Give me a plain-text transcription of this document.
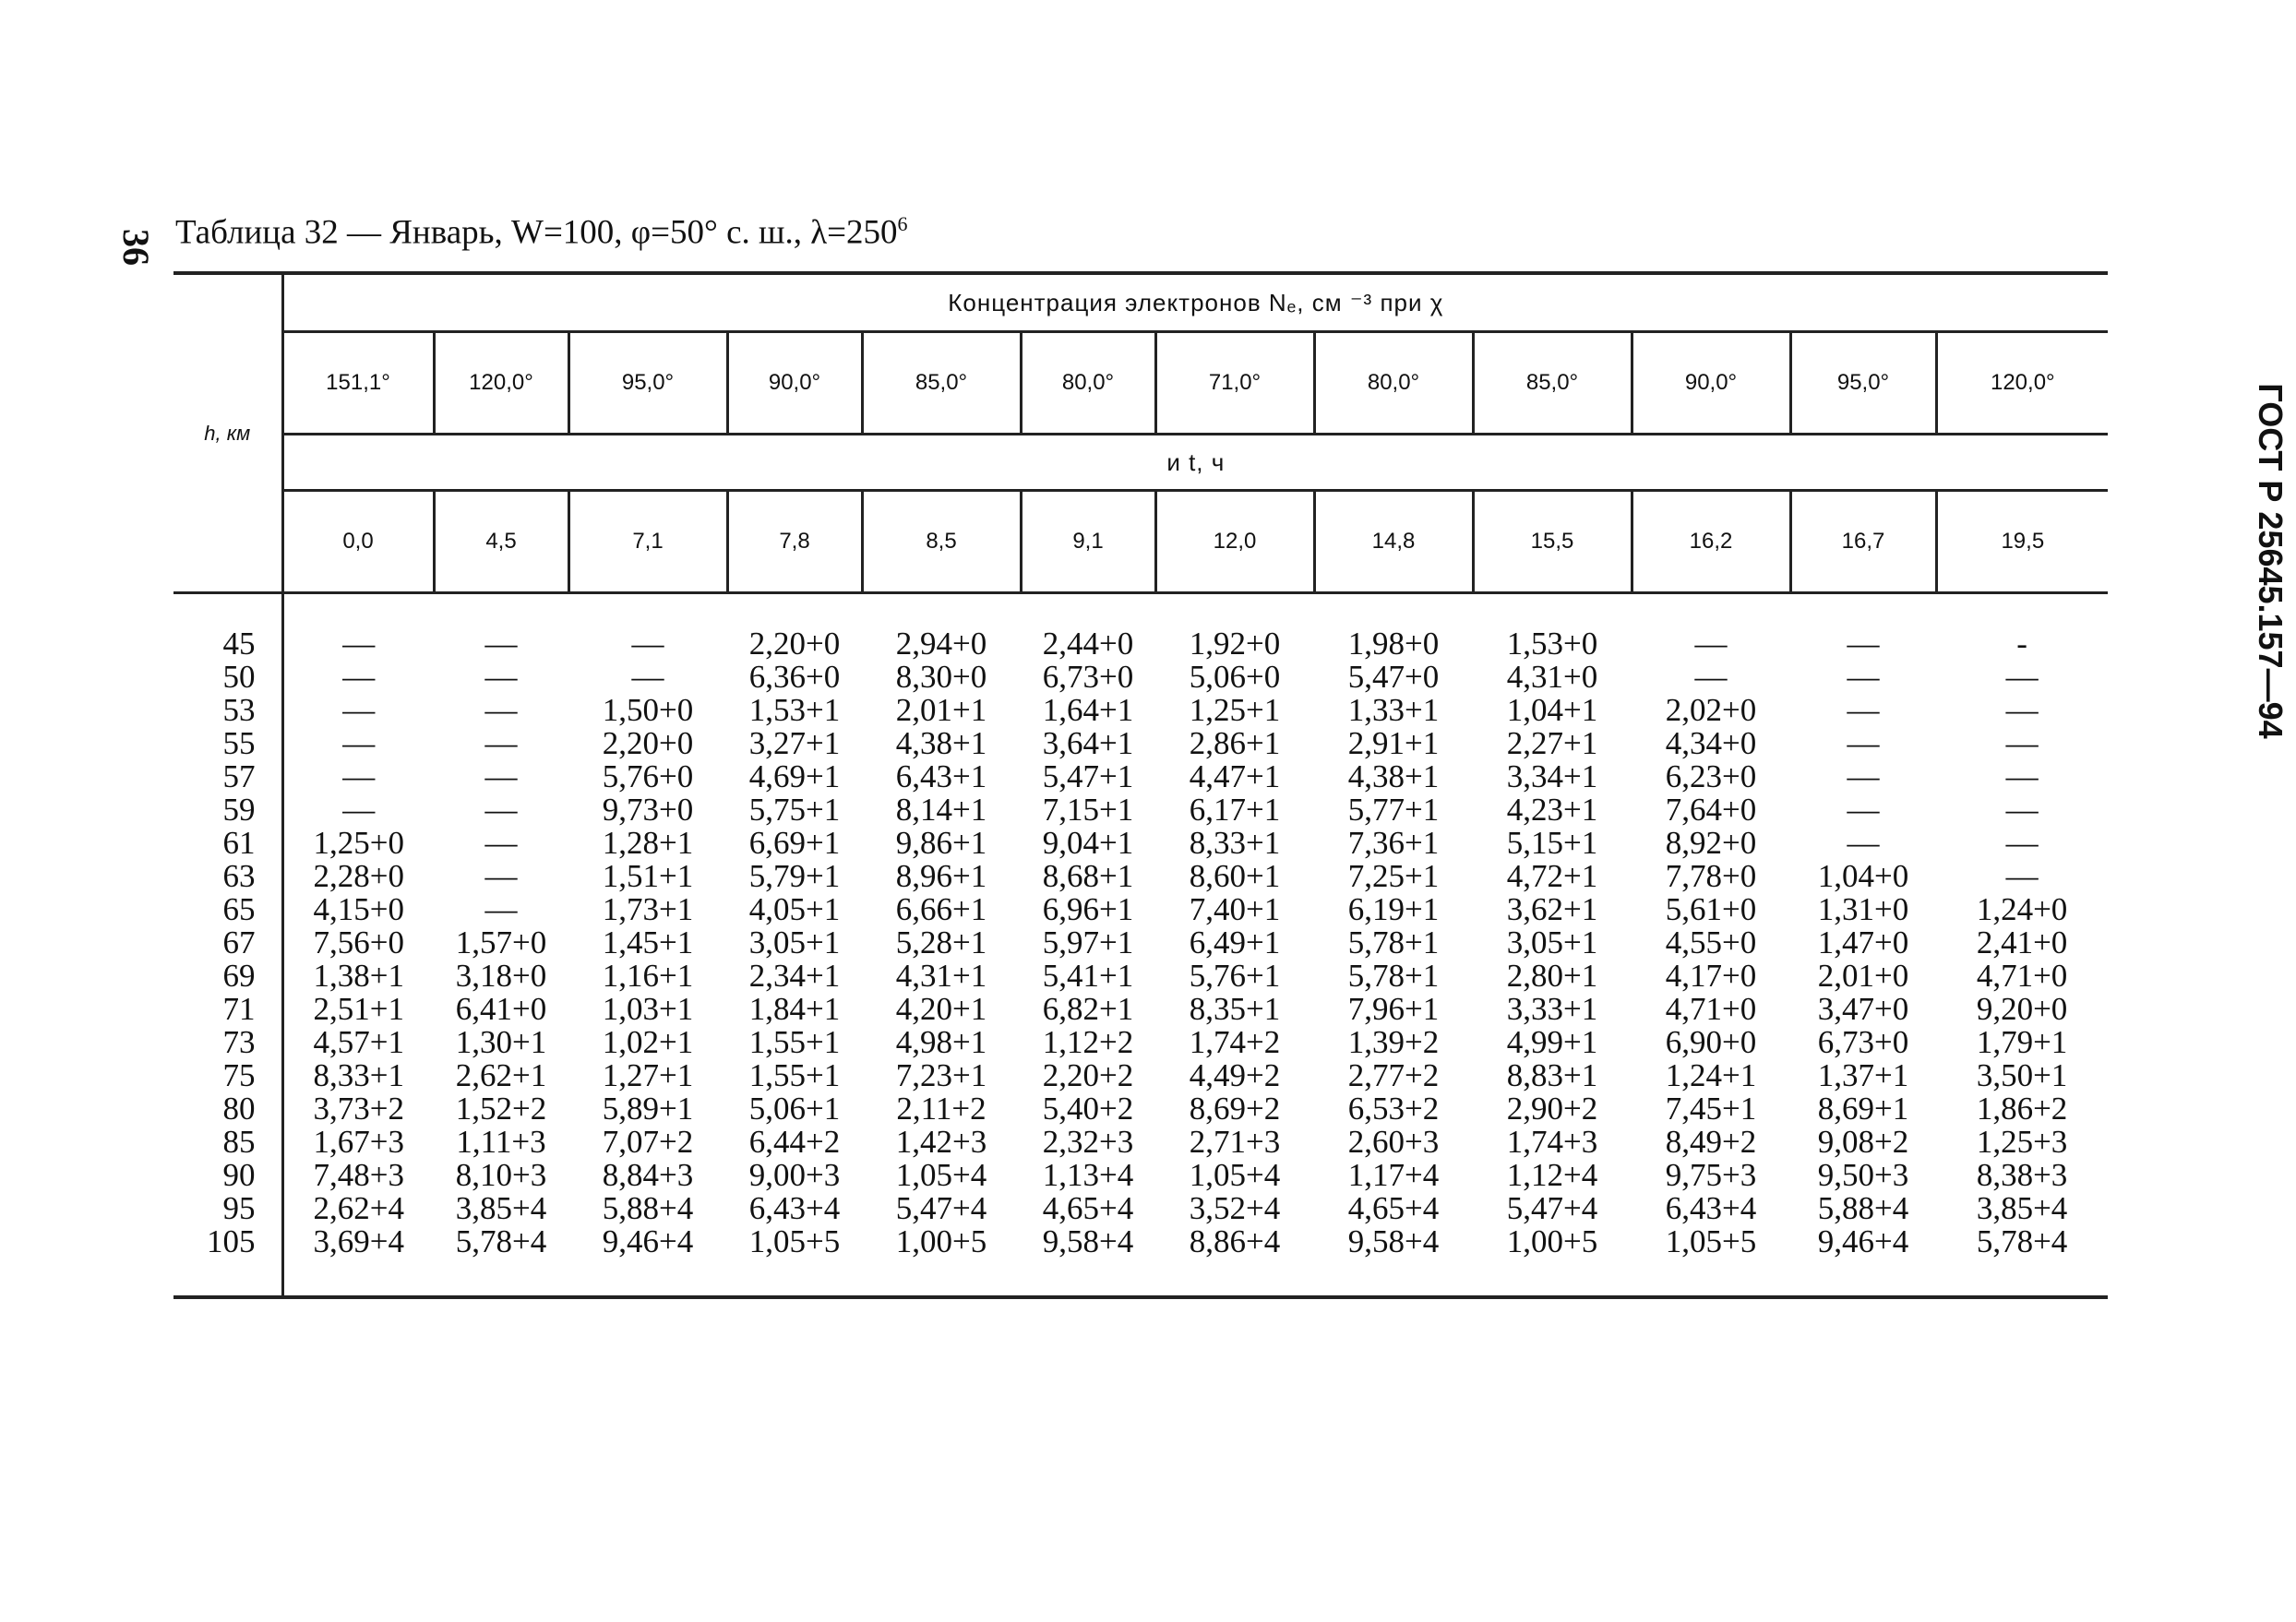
36 Таблица 32 — Январь, W=100, φ=50° с. ш., $\lambda=250^6$
ГОСТ Р 25645.157—94
h, км	Концентрация электронов Nₑ, см ⁻³ при χ											
	151,1°	120,0°	95,0°	90,0°	85,0°	80,0°	71,0°	80,0°	85,0°	90,0°	95,0°	120,0°
	и t, ч											
	0,0	4,5	7,1	7,8	8,5	9,1	12,0	14,8	15,5	16,2	16,7	19,5
45	—	—	—	2,20+0	2,94+0	2,44+0	1,92+0	1,98+0	1,53+0	—	—	-
50	—	—	—	6,36+0	8,30+0	6,73+0	5,06+0	5,47+0	4,31+0	—	—	—
53	—	—	1,50+0	1,53+1	2,01+1	1,64+1	1,25+1	1,33+1	1,04+1	2,02+0	—	—
55	—	—	2,20+0	3,27+1	4,38+1	3,64+1	2,86+1	2,91+1	2,27+1	4,34+0	—	—
57	—	—	5,76+0	4,69+1	6,43+1	5,47+1	4,47+1	4,38+1	3,34+1	6,23+0	—	—
59	—	—	9,73+0	5,75+1	8,14+1	7,15+1	6,17+1	5,77+1	4,23+1	7,64+0	—	—
61	1,25+0	—	1,28+1	6,69+1	9,86+1	9,04+1	8,33+1	7,36+1	5,15+1	8,92+0	—	—
63	2,28+0	—	1,51+1	5,79+1	8,96+1	8,68+1	8,60+1	7,25+1	4,72+1	7,78+0	1,04+0	—
65	4,15+0	—	1,73+1	4,05+1	6,66+1	6,96+1	7,40+1	6,19+1	3,62+1	5,61+0	1,31+0	1,24+0
67	7,56+0	1,57+0	1,45+1	3,05+1	5,28+1	5,97+1	6,49+1	5,78+1	3,05+1	4,55+0	1,47+0	2,41+0
69	1,38+1	3,18+0	1,16+1	2,34+1	4,31+1	5,41+1	5,76+1	5,78+1	2,80+1	4,17+0	2,01+0	4,71+0
71	2,51+1	6,41+0	1,03+1	1,84+1	4,20+1	6,82+1	8,35+1	7,96+1	3,33+1	4,71+0	3,47+0	9,20+0
73	4,57+1	1,30+1	1,02+1	1,55+1	4,98+1	1,12+2	1,74+2	1,39+2	4,99+1	6,90+0	6,73+0	1,79+1
75	8,33+1	2,62+1	1,27+1	1,55+1	7,23+1	2,20+2	4,49+2	2,77+2	8,83+1	1,24+1	1,37+1	3,50+1
80	3,73+2	1,52+2	5,89+1	5,06+1	2,11+2	5,40+2	8,69+2	6,53+2	2,90+2	7,45+1	8,69+1	1,86+2
85	1,67+3	1,11+3	7,07+2	6,44+2	1,42+3	2,32+3	2,71+3	2,60+3	1,74+3	8,49+2	9,08+2	1,25+3
90	7,48+3	8,10+3	8,84+3	9,00+3	1,05+4	1,13+4	1,05+4	1,17+4	1,12+4	9,75+3	9,50+3	8,38+3
95	2,62+4	3,85+4	5,88+4	6,43+4	5,47+4	4,65+4	3,52+4	4,65+4	5,47+4	6,43+4	5,88+4	3,85+4
105	3,69+4	5,78+4	9,46+4	1,05+5	1,00+5	9,58+4	8,86+4	9,58+4	1,00+5	1,05+5	9,46+4	5,78+4
